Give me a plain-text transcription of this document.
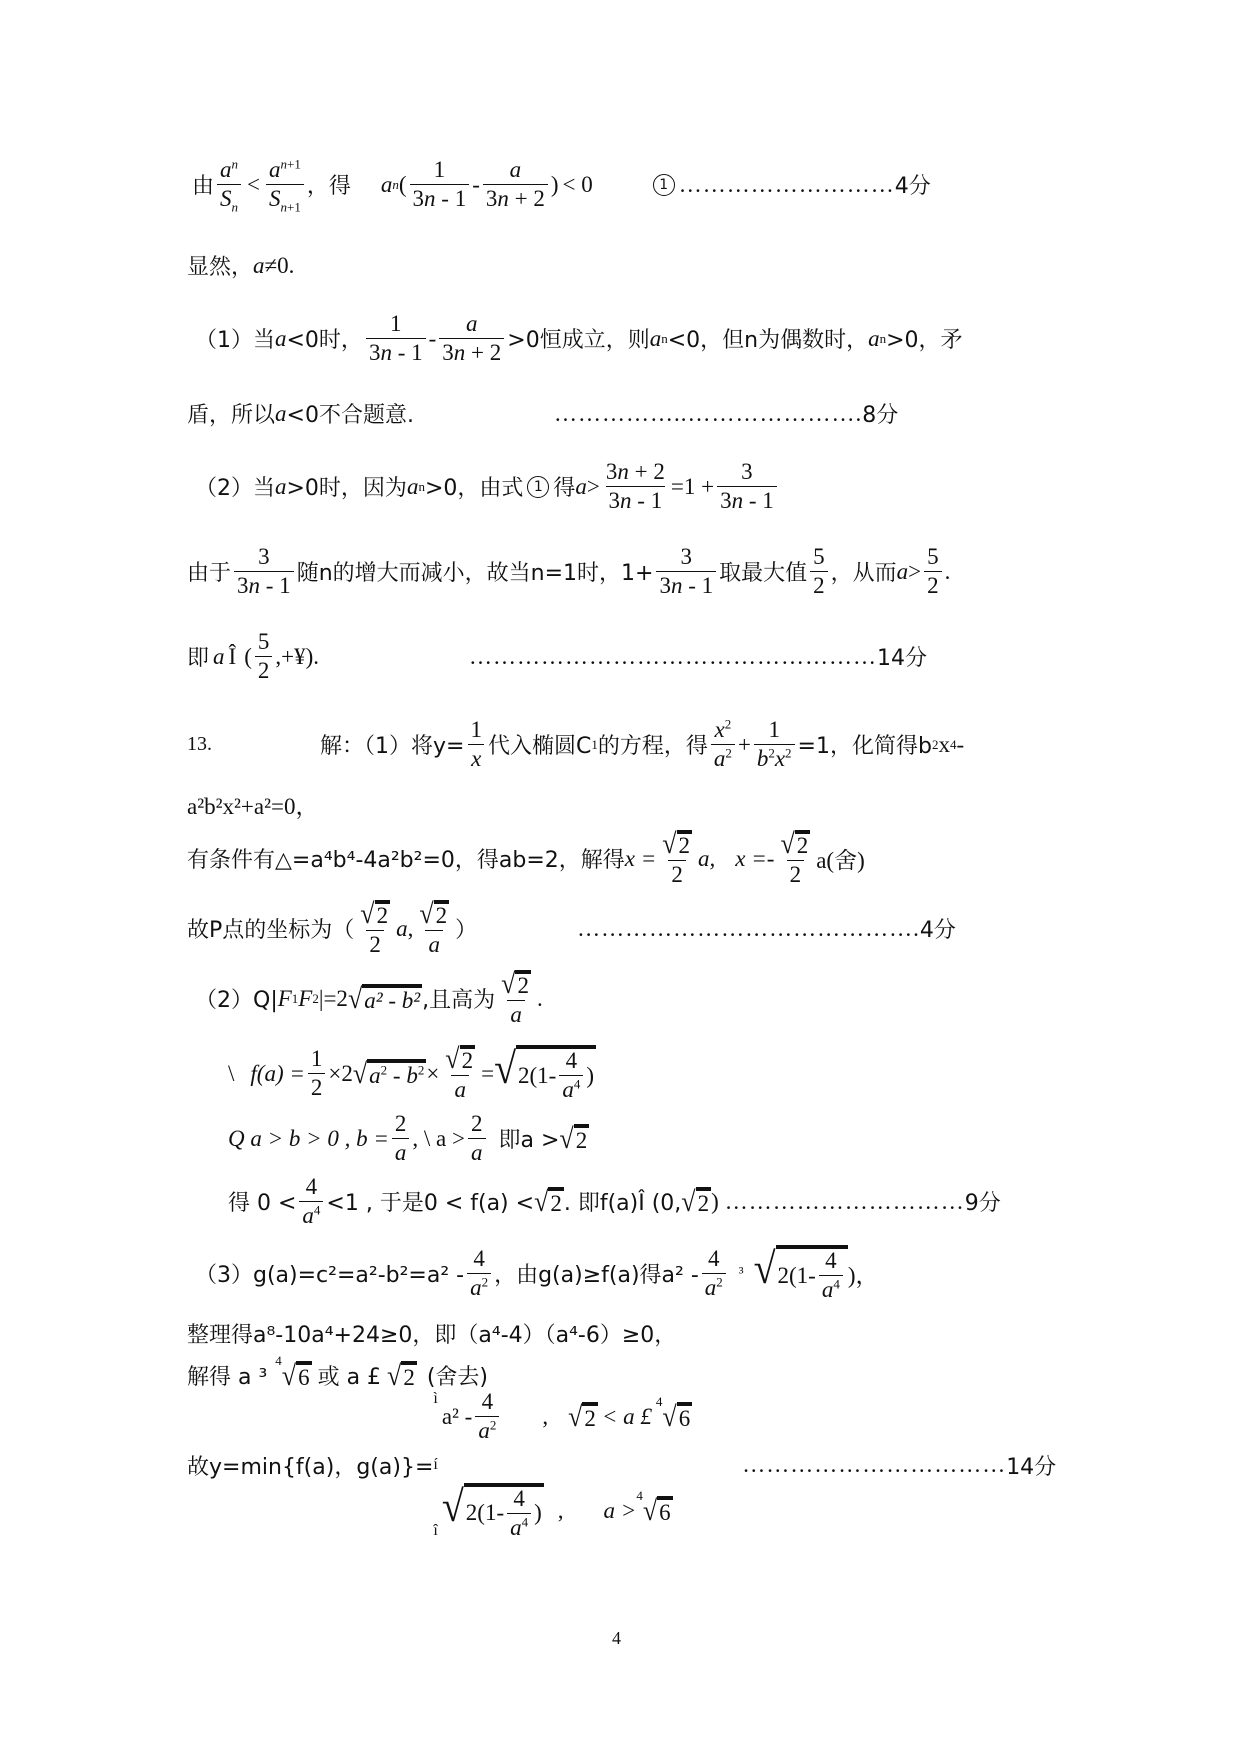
由 $\frac{a^n}{S_n} < \frac{a^{n+1}}{S_{n+1}}$ ，得 a n ( $\frac{1}{3n - 1} - \frac{a}{3n + 2}$ ) < 0	1 ……………………… 4分
显然， a ≠0.
（1）当 a <0时， $\frac{1}{3n - 1} - \frac{a}{3n + 2} >0$恒成立，则 a n <0，但n为偶数时， a n >0，矛
盾，所以 a <0不合题意.	……………..…………………. 8分
（2）当 a >0时，因为 a n >0，由式 1 得 $a > \frac{3n + 2}{3n - 1} =1 + \frac{3}{3n - 1}$
由于 $\frac{3}{3n - 1}$ 随n的增大而减小，故当n=1时，$1+ \frac{3}{3n - 1}$ 取最大值 $\frac{5}{2}$ ，从而 $a > \frac{5}{2}$ .
即 a Î ( $\frac{5}{2}$ ,+¥).	…………………………………………… 14分
13.	解：（1）将$y= \frac{1}{x}$ 代入椭圆C 1 的方程，得 $\frac{x^2}{a^2} + \frac{1}{b^2x^2} =1$，化简得b 2 x 4 -
a²b²x²+a²=0，
有条件有△=a⁴b⁴-4a²b²=0，得ab=2，解得 $x = \frac{√ 2}{2} a$, $x =- \frac{√ 2}{2} a$(舍)
故P点的坐标为（ $\frac{√ 2}{2}$ a , $\frac{√ 2}{a}$ ）	……………………………………. 4分
（2）Q| F 1 F 2 |=2 √ a² - b² ,且高为 $\frac{√ 2}{a}$ .
\ $f(a) = \frac{1}{2} \times 2$ √ $a^2 - b^2 \times \frac{√ 2}{a}$ = √ $2(1- \frac{4}{a^4}$ )
Q a > b > 0 , $b = \frac{2}{a}$ , \ $a > \frac{2}{a}$ 即a > √ 2
得 $0 < \frac{4}{a^4} <1$ , 于是0 < f(a) < √ 2 . 即f(a)Î (0, √ 2 ) ………………………… 9分
$(3)g(a)=c^2=a^2-b^2=a^2 - \frac{4}{a^2}$ ，由g(a)≥f(a)得$a^2 - \frac{4}{a^2} ^3$ √ $2(1- \frac{4}{a^4}$ )，
整理得a⁸-10a⁴+24≥0，即（a⁴-4）（a⁴-6）≥0，
解得 a ³
4 √ 6 或 a £ √ 2 (舍去)
故y=min{f(a)，g(a)}=
ì
í
î
$a^2 - \frac{4}{a^2}$ , √ 2 < a £
4 √ 6
√ $2(1- \frac{4}{a^4}$ ) , a >
4 √ 6
…………………………… 14分
4
